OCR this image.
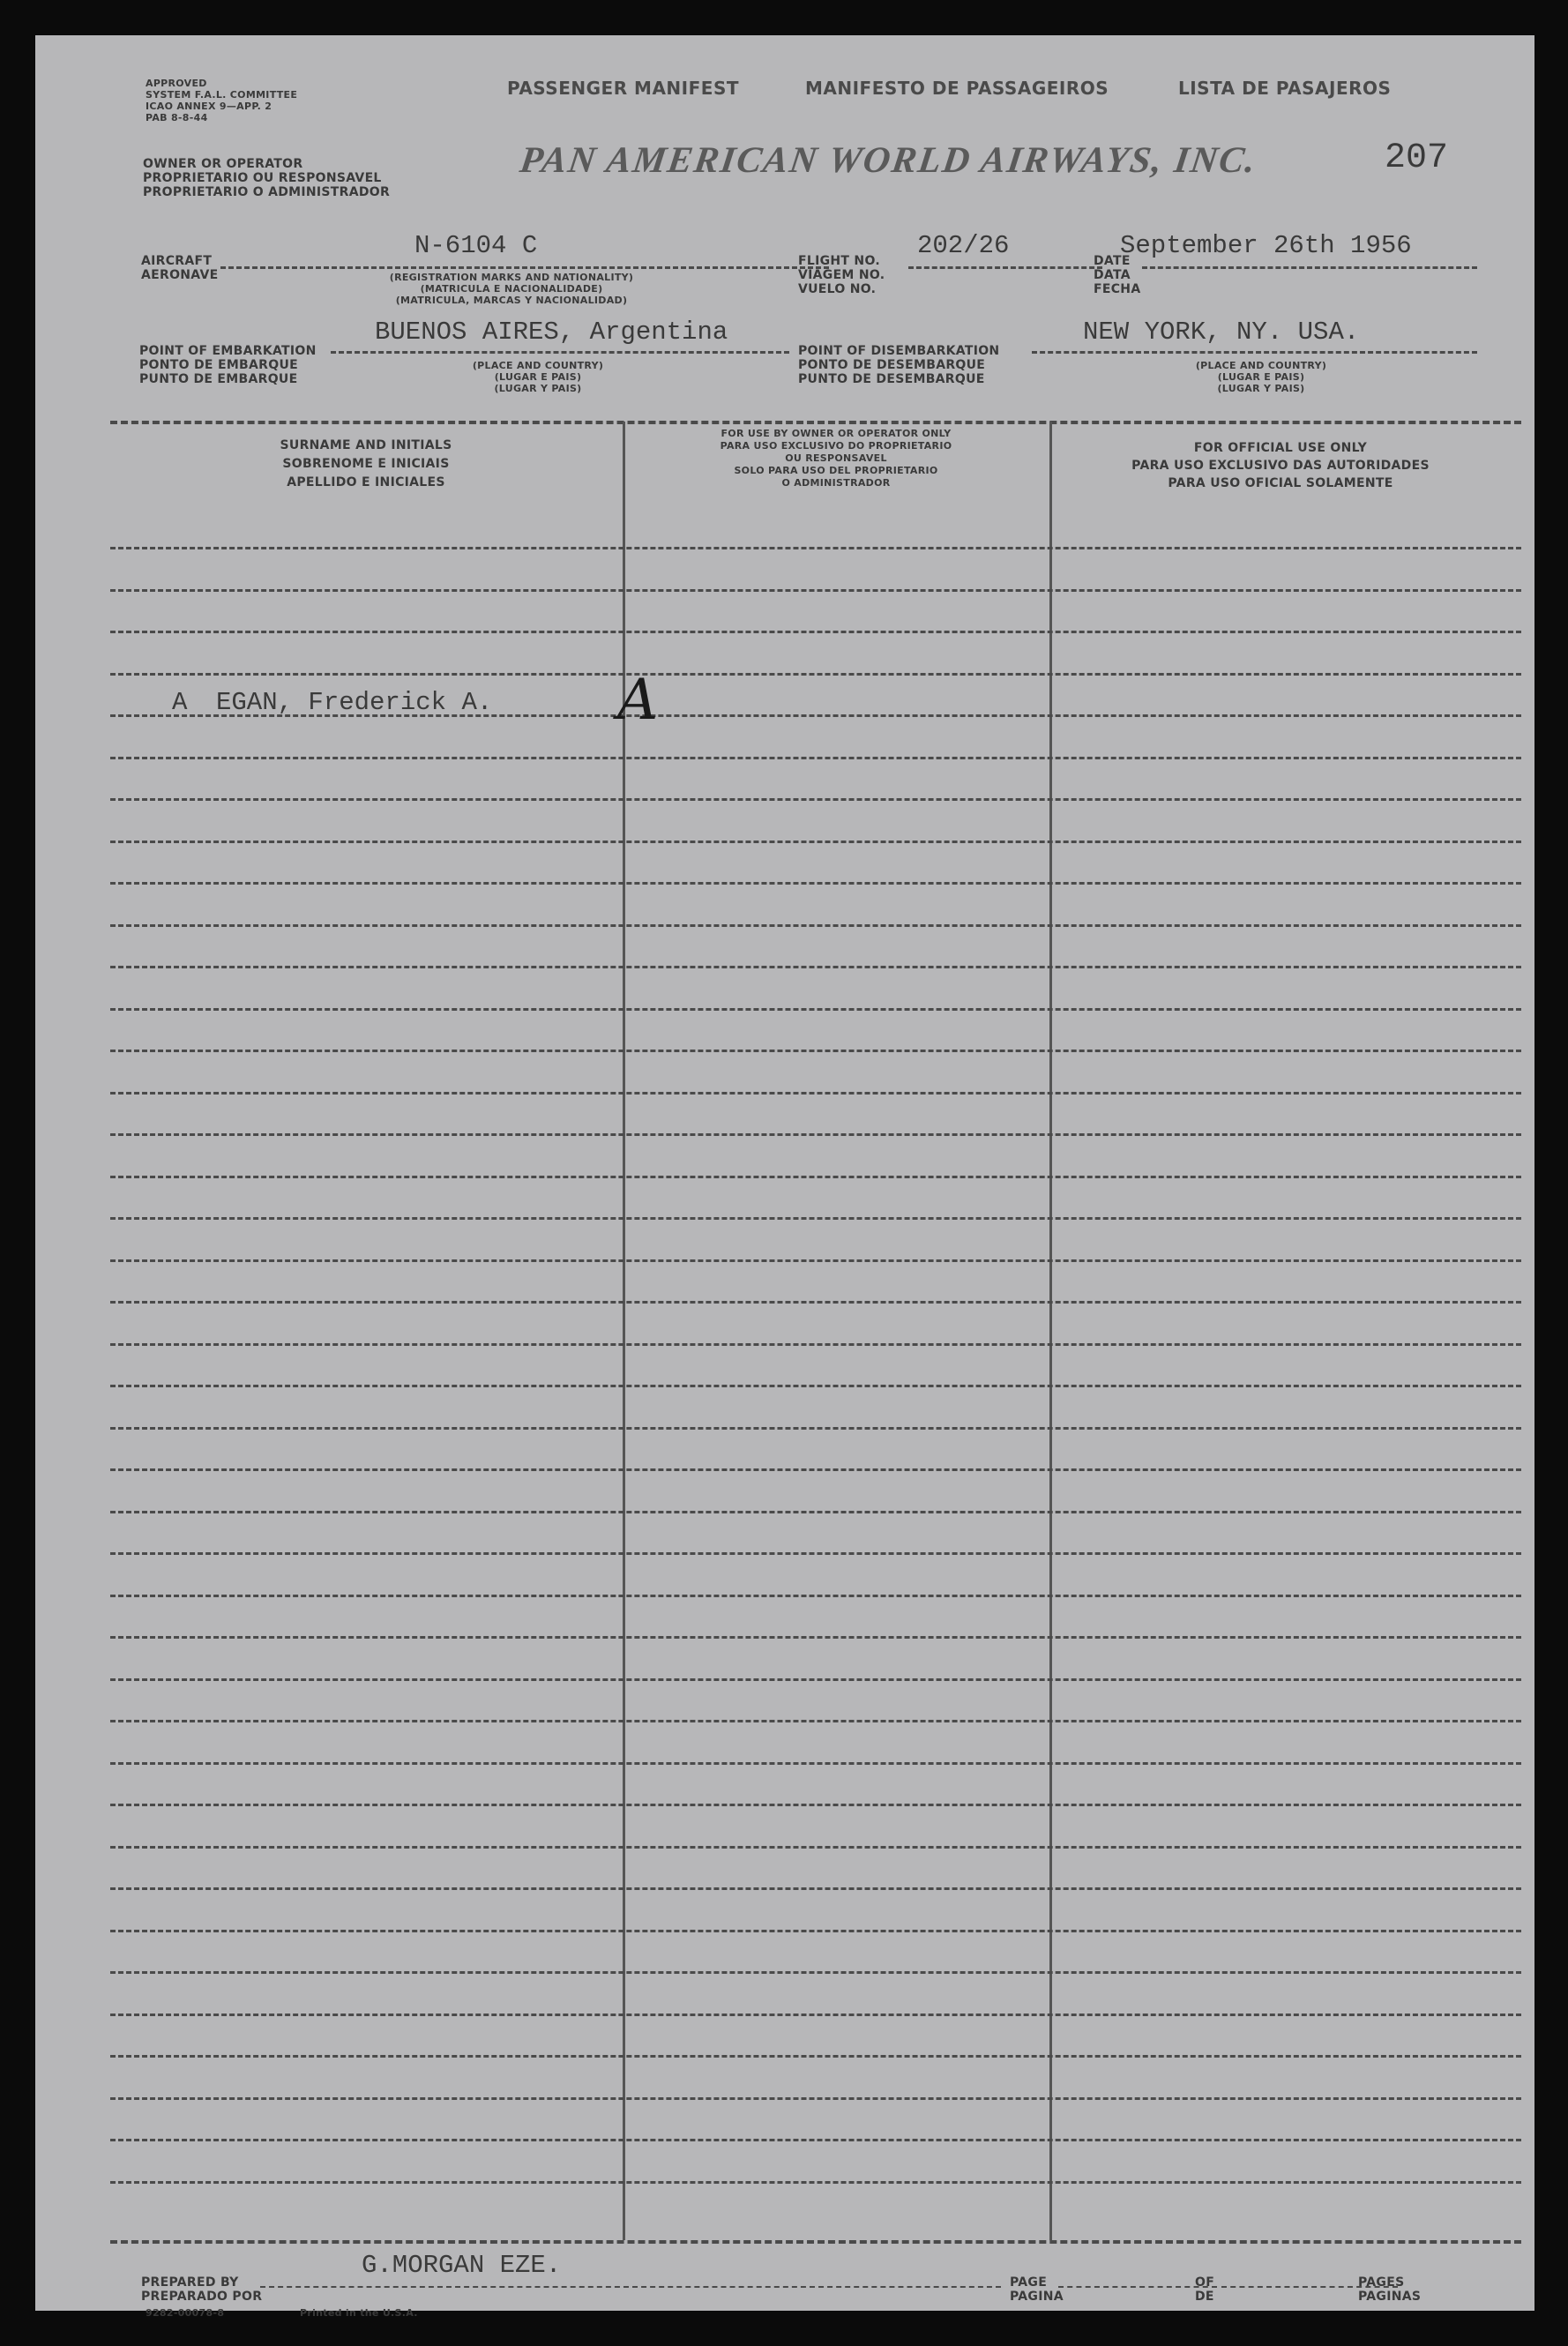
APPROVED
SYSTEM F.A.L. COMMITTEE
ICAO ANNEX 9—APP. 2
PAB 8-8-44
PASSENGER MANIFEST	MANIFESTO DE PASSAGEIROS	LISTA DE PASAJEROS
OWNER OR OPERATOR
PROPRIETARIO OU RESPONSAVEL
PROPRIETARIO O ADMINISTRADOR
PAN AMERICAN WORLD AIRWAYS, INC.	207
AIRCRAFT
AERONAVE
N-6104 C
(REGISTRATION MARKS AND NATIONALITY)
(MATRICULA E NACIONALIDADE)
(MATRICULA, MARCAS Y NACIONALIDAD)
FLIGHT NO.
VIAGEM NO.
VUELO NO.
202/26
DATE
DATA
FECHA
September 26th 1956
POINT OF EMBARKATION
PONTO DE EMBARQUE
PUNTO DE EMBARQUE
BUENOS AIRES, Argentina
(PLACE AND COUNTRY)
(LUGAR E PAIS)
(LUGAR Y PAIS)
POINT OF DISEMBARKATION
PONTO DE DESEMBARQUE
PUNTO DE DESEMBARQUE
NEW YORK, NY. USA.
(PLACE AND COUNTRY)
(LUGAR E PAIS)
(LUGAR Y PAIS)
SURNAME AND INITIALS
SOBRENOME E INICIAIS
APELLIDO E INICIALES
FOR USE BY OWNER OR OPERATOR ONLY
PARA USO EXCLUSIVO DO PROPRIETARIO
OU RESPONSAVEL
SOLO PARA USO DEL PROPRIETARIO
O ADMINISTRADOR
FOR OFFICIAL USE ONLY
PARA USO EXCLUSIVO DAS AUTORIDADES
PARA USO OFICIAL SOLAMENTE
A EGAN, Frederick A. A
PREPARED BY
PREPARADO POR
G.MORGAN EZE.
PAGE
PAGINA
OF
DE
PAGES
PAGINAS
9282-00078-8	Printed in the U.S.A.
